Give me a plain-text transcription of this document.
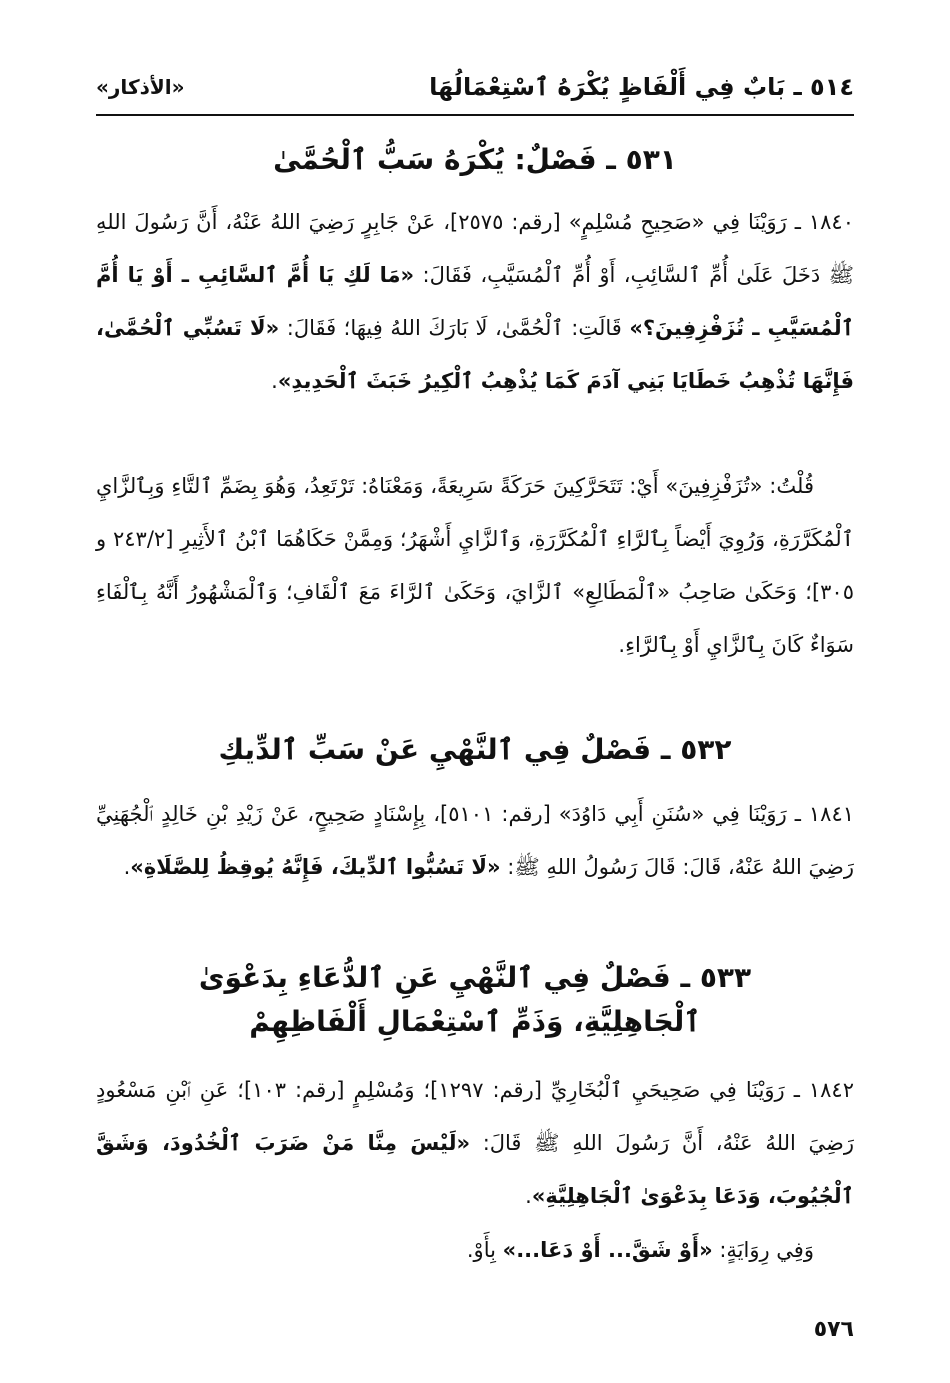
٥١٤ ـ بَابٌ فِي أَلْفَاظٍ يُكْرَهُ ٱسْتِعْمَالُهَا
«الأذكار»
٥٣١ ـ فَصْلٌ: يُكْرَهُ سَبُّ ٱلْحُمَّىٰ

١٨٤٠ ـ رَوَيْنَا فِي «صَحِيحِ مُسْلِمٍ» [رقم: ٢٥٧٥]، عَنْ جَابِرٍ رَضِيَ اللهُ عَنْهُ، أَنَّ رَسُولَ اللهِ ﷺ دَخَلَ عَلَىٰ أُمِّ ٱلسَّائِبِ، أَوْ أُمِّ ٱلْمُسَيَّبِ، فَقَالَ: «مَا لَكِ يَا أُمَّ ٱلسَّائِبِ ـ أَوْ يَا أُمَّ ٱلْمُسَيَّبِ ـ تُزَفْزِفِينَ؟» قَالَتِ: ٱلْحُمَّىٰ، لَا بَارَكَ اللهُ فِيهَا؛ فَقَالَ: «لَا تَسُبِّي ٱلْحُمَّىٰ، فَإِنَّهَا تُذْهِبُ خَطَايَا بَنِي آدَمَ كَمَا يُذْهِبُ ٱلْكِيرُ خَبَثَ ٱلْحَدِيدِ».

قُلْتُ: «تُزَفْزِفِينَ» أَيْ: تَتَحَرَّكِينَ حَرَكَةً سَرِيعَةً، وَمَعْنَاهُ: تَرْتَعِدُ، وَهُوَ بِضَمِّ ٱلتَّاءِ وَبِٱلزَّايِ ٱلْمُكَرَّرَةِ، وَرُوِيَ أَيْضاً بِٱلرَّاءِ ٱلْمُكَرَّرَةِ، وَٱلزَّايِ أَشْهَرُ؛ وَمِمَّنْ حَكَاهُمَا ٱبْنُ ٱلأَثِيرِ [٢٤٣/٢ و ٣٠٥]؛ وَحَكَىٰ صَاحِبُ «ٱلْمَطَالِعِ» ٱلزَّايَ، وَحَكَىٰ ٱلرَّاءَ مَعَ ٱلْقَافِ؛ وَٱلْمَشْهُورُ أَنَّهُ بِٱلْفَاءِ سَوَاءٌ كَانَ بِٱلزَّايِ أَوْ بِٱلرَّاءِ.

٥٣٢ ـ فَصْلٌ فِي ٱلنَّهْيِ عَنْ سَبِّ ٱلدِّيكِ

١٨٤١ ـ رَوَيْنَا فِي «سُنَنِ أَبِي دَاوُدَ» [رقم: ٥١٠١]، بِإِسْنَادٍ صَحِيحٍ، عَنْ زَيْدِ بْنِ خَالِدٍ ٱلْجُهَنِيِّ رَضِيَ اللهُ عَنْهُ، قَالَ: قَالَ رَسُولُ اللهِ ﷺ: «لَا تَسُبُّوا ٱلدِّيكَ، فَإِنَّهُ يُوقِظُ لِلصَّلَاةِ».

٥٣٣ ـ فَصْلٌ فِي ٱلنَّهْيِ عَنِ ٱلدُّعَاءِ بِدَعْوَىٰ
ٱلْجَاهِلِيَّةِ، وَذَمِّ ٱسْتِعْمَالِ أَلْفَاظِهِمْ

١٨٤٢ ـ رَوَيْنَا فِي صَحِيحَيِ ٱلْبُخَارِيِّ [رقم: ١٢٩٧]؛ وَمُسْلِمٍ [رقم: ١٠٣]؛ عَنِ ٱبْنِ مَسْعُودٍ رَضِيَ اللهُ عَنْهُ، أَنَّ رَسُولَ اللهِ ﷺ قَالَ: «لَيْسَ مِنَّا مَنْ ضَرَبَ ٱلْخُدُودَ، وَشَقَّ ٱلْجُيُوبَ، وَدَعَا بِدَعْوَىٰ ٱلْجَاهِلِيَّةِ».

وَفِي رِوَايَةٍ: «أَوْ شَقَّ... أَوْ دَعَا...» بِأَوْ.

٥٧٦
